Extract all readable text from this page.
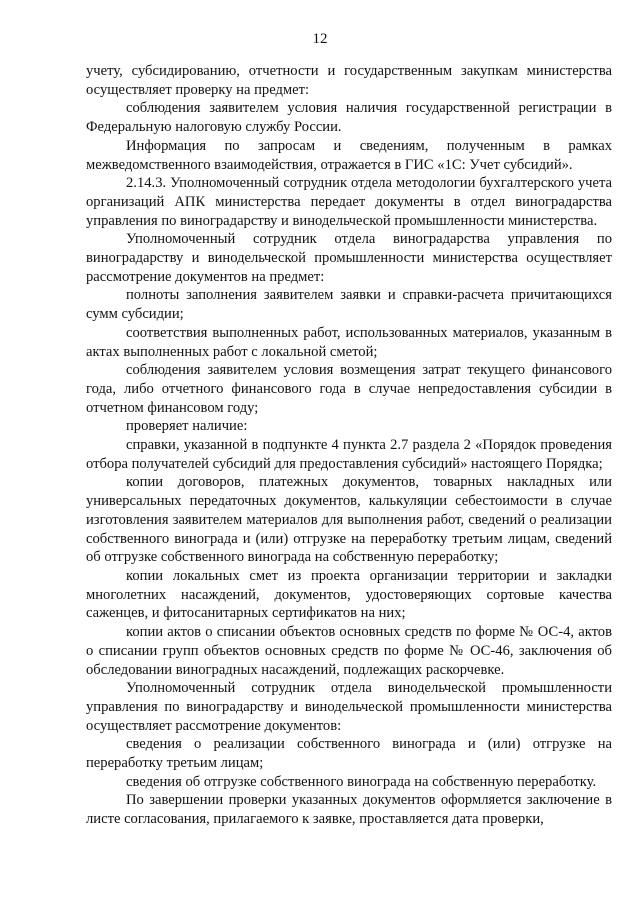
12

учету, субсидированию, отчетности и государственным закупкам министерства осуществляет проверку на предмет:

соблюдения заявителем условия наличия государственной регистрации в Федеральную налоговую службу России.

Информация по запросам и сведениям, полученным в рамках межведомственного взаимодействия, отражается в ГИС «1С: Учет субсидий».

2.14.3. Уполномоченный сотрудник отдела методологии бухгалтерского учета организаций АПК министерства передает документы в отдел виноградарства управления по виноградарству и винодельческой промышленности министерства.

Уполномоченный сотрудник отдела виноградарства управления по виноградарству и винодельческой промышленности министерства осуществляет рассмотрение документов на предмет:

полноты заполнения заявителем заявки и справки-расчета причитающихся сумм субсидии;

соответствия выполненных работ, использованных материалов, указанным в актах выполненных работ с локальной сметой;

соблюдения заявителем условия возмещения затрат текущего финансового года, либо отчетного финансового года в случае непредоставления субсидии в отчетном финансовом году;

проверяет наличие:

справки, указанной в подпункте 4 пункта 2.7 раздела 2 «Порядок проведения отбора получателей субсидий для предоставления субсидий» настоящего Порядка;

копии договоров, платежных документов, товарных накладных или универсальных передаточных документов, калькуляции себестоимости в случае изготовления заявителем материалов для выполнения работ, сведений о реализации собственного винограда и (или) отгрузке на переработку третьим лицам, сведений об отгрузке собственного винограда на собственную переработку;

копии локальных смет из проекта организации территории и закладки многолетних насаждений, документов, удостоверяющих сортовые качества саженцев, и фитосанитарных сертификатов на них;

копии актов о списании объектов основных средств по форме № ОС-4, актов о списании групп объектов основных средств по форме № ОС-46, заключения об обследовании виноградных насаждений, подлежащих раскорчевке.

Уполномоченный сотрудник отдела винодельческой промышленности управления по виноградарству и винодельческой промышленности министерства осуществляет рассмотрение документов:

сведения о реализации собственного винограда и (или) отгрузке на переработку третьим лицам;

сведения об отгрузке собственного винограда на собственную переработку.

По завершении проверки указанных документов оформляется заключение в листе согласования, прилагаемого к заявке, проставляется дата проверки,
